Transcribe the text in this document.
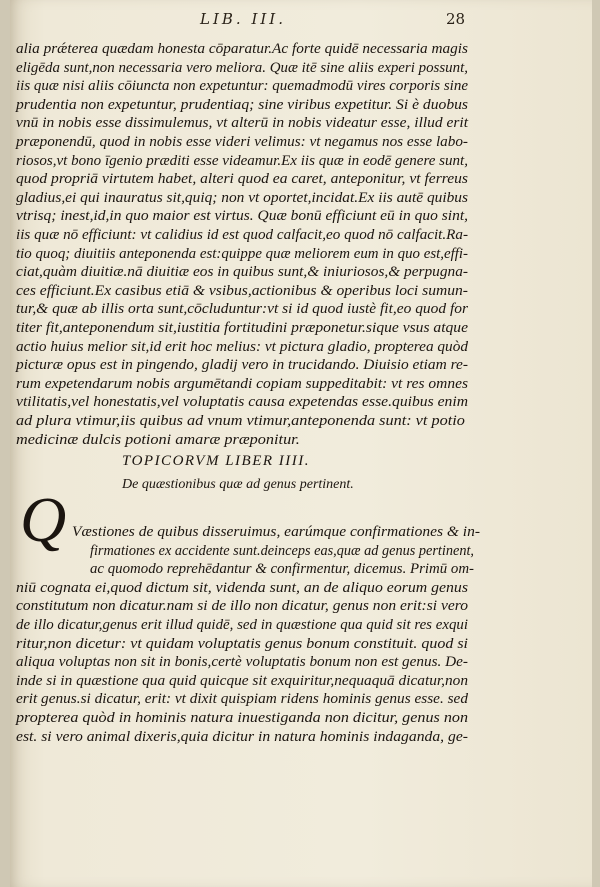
LIB. III.	28
alia prǽterea quædam honesta cōparatur.Ac forte quidē necessaria magis
eligēda sunt,non necessaria vero meliora. Quæ itē sine aliis experi possunt,
iis quæ nisi aliis cōiuncta non expetuntur: quemadmodū vires corporis sine
prudentia non expetuntur, prudentiaq; sine viribus expetitur. Si è duobus
vnū in nobis esse dissimulemus, vt alterū in nobis videatur esse, illud erit
præponendū, quod in nobis esse videri velimus: vt negamus nos esse labo-
riosos,vt bono īgenio præditi esse videamur.Ex iis quæ in eodē genere sunt,
quod propriā virtutem habet, alteri quod ea caret, anteponitur, vt ferreus
gladius,ei qui inauratus sit,quiq; non vt oportet,incidat.Ex iis autē quibus
vtrisq; inest,id,in quo maior est virtus. Quæ bonū efficiunt eū in quo sint,
iis quæ nō efficiunt: vt calidius id est quod calfacit,eo quod nō calfacit.Ra-
tio quoq; diuitiis anteponenda est:quippe quæ meliorem eum in quo est,effi-
ciat,quàm diuitiæ.nā diuitiæ eos in quibus sunt,& iniuriosos,& perpugna-
ces efficiunt.Ex casibus etiā & vsibus,actionibus & operibus loci sumun-
tur,& quæ ab illis orta sunt,cōcluduntur:vt si id quod iustè fit,eo quod for
titer fit,anteponendum sit,iustitia fortitudini præponetur.sique vsus atque
actio huius melior sit,id erit hoc melius: vt pictura gladio, propterea quòd
picturæ opus est in pingendo, gladij vero in trucidando. Diuisio etiam re-
rum expetendarum nobis argumētandi copiam suppeditabit: vt res omnes
vtilitatis,vel honestatis,vel voluptatis causa expetendas esse.quibus enim
ad plura vtimur,iis quibus ad vnum vtimur,anteponenda sunt: vt potio
medicinæ dulcis potioni amaræ præponitur.
TOPICORVM LIBER IIII.
De quæstionibus quæ ad genus pertinent.
Q Væstiones de quibus disseruimus, earúmque confirmationes & in-
firmationes ex accidente sunt.deinceps eas,quæ ad genus pertinent,
ac quomodo reprehēdantur & confirmentur, dicemus. Primū om-
niū cognata ei,quod dictum sit, videnda sunt, an de aliquo eorum genus
constitutum non dicatur.nam si de illo non dicatur, genus non erit:si vero
de illo dicatur,genus erit illud quidē, sed in quæstione qua quid sit res exqui
ritur,non dicetur: vt quidam voluptatis genus bonum constituit. quod si
aliqua voluptas non sit in bonis,certè voluptatis bonum non est genus. De-
inde si in quæstione qua quid quicque sit exquiritur,nequaquā dicatur,non
erit genus.si dicatur, erit: vt dixit quispiam ridens hominis genus esse. sed
propterea quòd in hominis natura inuestiganda non dicitur, genus non
est. si vero animal dixeris,quia dicitur in natura hominis indaganda, ge-
